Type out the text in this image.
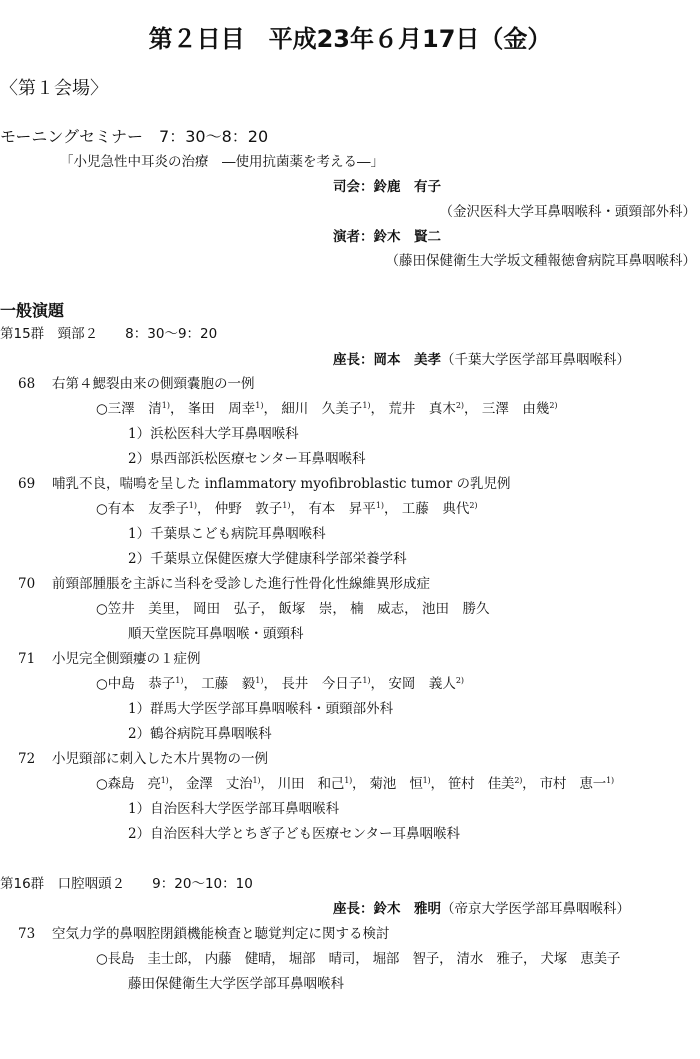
第２日目　平成23年６月17日（金）
〈第１会場〉
モーニングセミナー　7：30〜8：20
「小児急性中耳炎の治療　―使用抗菌薬を考える―」
司会：鈴鹿　有子
（金沢医科大学耳鼻咽喉科・頭頸部外科）
演者：鈴木　賢二
（藤田保健衛生大学坂文種報徳會病院耳鼻咽喉科）
一般演題
第15群　頸部２　　8：30〜9：20
座長：岡本　美孝（千葉大学医学部耳鼻咽喉科）
68 右第４鰓裂由来の側頸嚢胞の一例
○三澤　清$^{1)}$， 峯田　周幸$^{1)}$， 細川　久美子$^{1)}$， 荒井　真木$^{2)}$， 三澤　由幾$^{2)}$
1）浜松医科大学耳鼻咽喉科
2）県西部浜松医療センター耳鼻咽喉科
69 哺乳不良，喘鳴を呈した inflammatory myofibroblastic tumor の乳児例
○有本　友季子$^{1)}$， 仲野　敦子$^{1)}$， 有本　昇平$^{1)}$， 工藤　典代$^{2)}$
1）千葉県こども病院耳鼻咽喉科
2）千葉県立保健医療大学健康科学部栄養学科
70 前頸部腫脹を主訴に当科を受診した進行性骨化性線維異形成症
○笠井　美里， 岡田　弘子， 飯塚　崇， 楠　威志， 池田　勝久
順天堂医院耳鼻咽喉・頭頸科
71 小児完全側頸瘻の１症例
○中島　恭子$^{1)}$， 工藤　毅$^{1)}$， 長井　今日子$^{1)}$， 安岡　義人$^{2)}$
1）群馬大学医学部耳鼻咽喉科・頭頸部外科
2）鶴谷病院耳鼻咽喉科
72 小児頸部に刺入した木片異物の一例
○森島　亮$^{1)}$， 金澤　丈治$^{1)}$， 川田　和己$^{1)}$， 菊池　恒$^{1)}$， 笹村　佳美$^{2)}$， 市村　恵一$^{1)}$
1）自治医科大学医学部耳鼻咽喉科
2）自治医科大学とちぎ子ども医療センター耳鼻咽喉科
第16群　口腔咽頭２　　9：20〜10：10
座長：鈴木　雅明（帝京大学医学部耳鼻咽喉科）
73 空気力学的鼻咽腔閉鎖機能検査と聴覚判定に関する検討
○長島　圭士郎， 内藤　健晴， 堀部　晴司， 堀部　智子， 清水　雅子， 犬塚　恵美子
藤田保健衛生大学医学部耳鼻咽喉科
